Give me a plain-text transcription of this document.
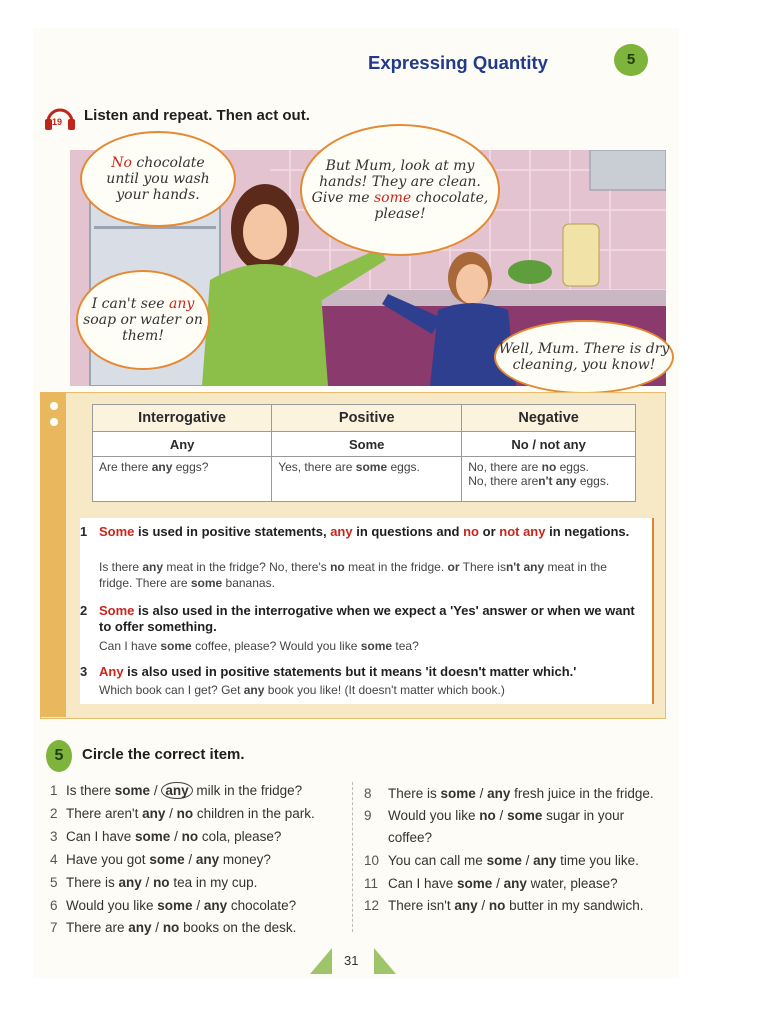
Expressing Quantity	5
19 Listen and repeat. Then act out.
No chocolate
until you wash
your hands.
But Mum, look at my
hands! They are clean.
Give me some chocolate,
please!
I can't see any
soap or water on
them!
Well, Mum. There is dry
cleaning, you know!
Interrogative	Positive	Negative
Any	Some	No / not any

Are there any eggs?	Yes, there are some eggs.	No, there are no eggs.
No, there aren't any eggs.
1 Some is used in positive statements, any in questions and no or not any in negations.
Is there any meat in the fridge? No, there's no meat in the fridge. or There isn't any meat in the fridge. There are some bananas.
2 Some is also used in the interrogative when we expect a 'Yes' answer or when we want to offer something.
Can I have some coffee, please? Would you like some tea?
3 Any is also used in positive statements but it means 'it doesn't matter which.'
Which book can I get? Get any book you like! (It doesn't matter which book.)
5	Circle the correct item.
1 Is there some / any milk in the fridge?
2 There aren't any / no children in the park.
3 Can I have some / no cola, please?
4 Have you got some / any money?
5 There is any / no tea in my cup.
6 Would you like some / any chocolate?
7 There are any / no books on the desk.
8 There is some / any fresh juice in the fridge.
9 Would you like no / some sugar in your
coffee?
10 You can call me some / any time you like.
11 Can I have some / any water, please?
12 There isn't any / no butter in my sandwich.
31
